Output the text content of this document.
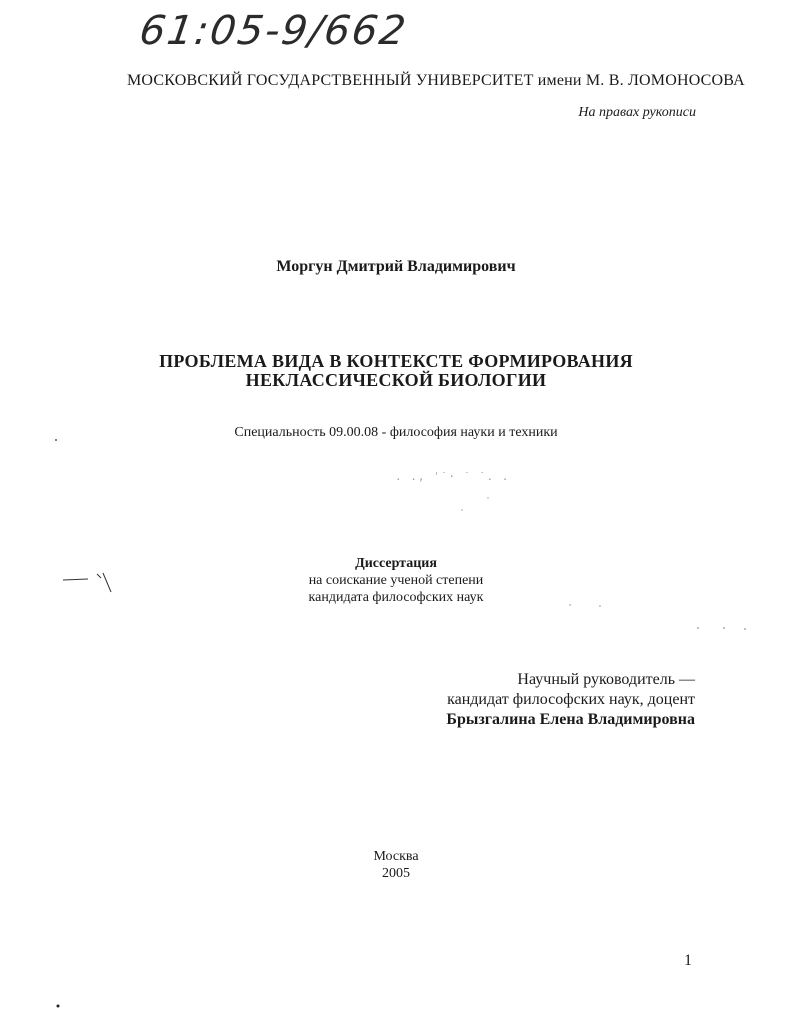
61:05-9/662
МОСКОВСКИЙ ГОСУДАРСТВЕННЫЙ УНИВЕРСИТЕТ имени М. В. ЛОМОНОСОВА
На правах рукописи
Моргун Дмитрий Владимирович
ПРОБЛЕМА ВИДА В КОНТЕКСТЕ ФОРМИРОВАНИЯ
НЕКЛАССИЧЕСКОЙ БИОЛОГИИ
Специальность 09.00.08 - философия науки и техники
. ., ˈ˙· ˙ ˙. .
Диссертация
на соискание ученой степени
кандидата философских наук
Научный руководитель —
кандидат философских наук, доцент
Брызгалина Елена Владимировна
Москва
2005
1
